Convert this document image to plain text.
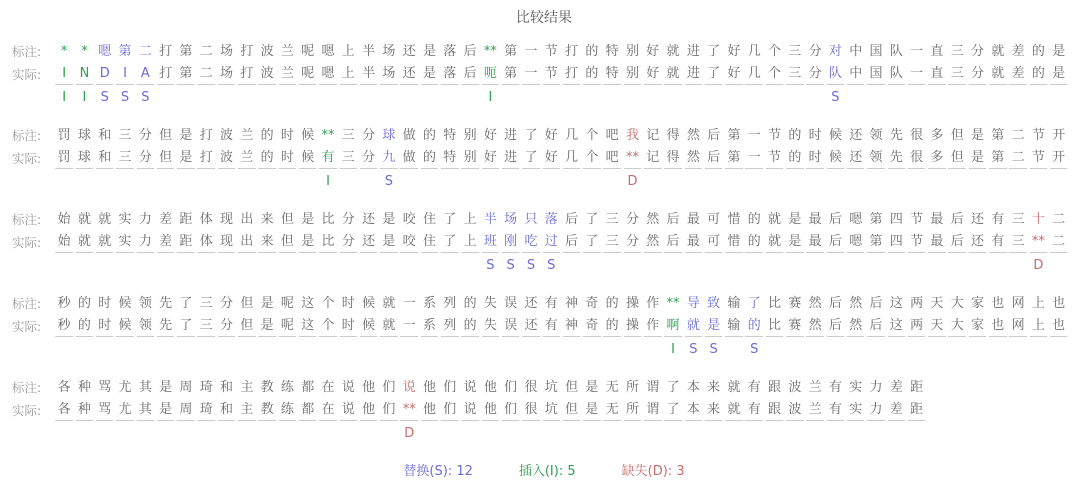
比较结果
标注:
实际:
*
I
I
*
N
I
嗯
D
S
第
I
S
二
A
S
打
打
第
第
二
二
场
场
打
打
波
波
兰
兰
呢
呢
嗯
嗯
上
上
半
半
场
场
还
还
是
是
落
落
后
后
**
呃
I
第
第
一
一
节
节
打
打
的
的
特
特
别
别
好
好
就
就
进
进
了
了
好
好
几
几
个
个
三
三
分
分
对
队
S
中
中
国
国
队
队
一
一
直
直
三
三
分
分
就
就
差
差
的
的
是
是
标注:
实际:
罚
罚
球
球
和
和
三
三
分
分
但
但
是
是
打
打
波
波
兰
兰
的
的
时
时
候
候
**
有
I
三
三
分
分
球
九
S
做
做
的
的
特
特
别
别
好
好
进
进
了
了
好
好
几
几
个
个
吧
吧
我
**
D
记
记
得
得
然
然
后
后
第
第
一
一
节
节
的
的
时
时
候
候
还
还
领
领
先
先
很
很
多
多
但
但
是
是
第
第
二
二
节
节
开
开
标注:
实际:
始
始
就
就
就
就
实
实
力
力
差
差
距
距
体
体
现
现
出
出
来
来
但
但
是
是
比
比
分
分
还
还
是
是
咬
咬
住
住
了
了
上
上
半
班
S
场
刚
S
只
吃
S
落
过
S
后
后
了
了
三
三
分
分
然
然
后
后
最
最
可
可
惜
惜
的
的
就
就
是
是
最
最
后
后
嗯
嗯
第
第
四
四
节
节
最
最
后
后
还
还
有
有
三
三
十
**
D
二
二
标注:
实际:
秒
秒
的
的
时
时
候
候
领
领
先
先
了
了
三
三
分
分
但
但
是
是
呢
呢
这
这
个
个
时
时
候
候
就
就
一
一
系
系
列
列
的
的
失
失
误
误
还
还
有
有
神
神
奇
奇
的
的
操
操
作
作
**
啊
I
导
就
S
致
是
S
输
输
了
的
S
比
比
赛
赛
然
然
后
后
然
然
后
后
这
这
两
两
天
天
大
大
家
家
也
也
网
网
上
上
也
也
标注:
实际:
各
各
种
种
骂
骂
尤
尤
其
其
是
是
周
周
琦
琦
和
和
主
主
教
教
练
练
都
都
在
在
说
说
他
他
们
们
说
**
D
他
他
们
们
说
说
他
他
们
们
很
很
坑
坑
但
但
是
是
无
无
所
所
谓
谓
了
了
本
本
来
来
就
就
有
有
跟
跟
波
波
兰
兰
有
有
实
实
力
力
差
差
距
距
替换(S): 12	插入(I): 5	缺失(D): 3
